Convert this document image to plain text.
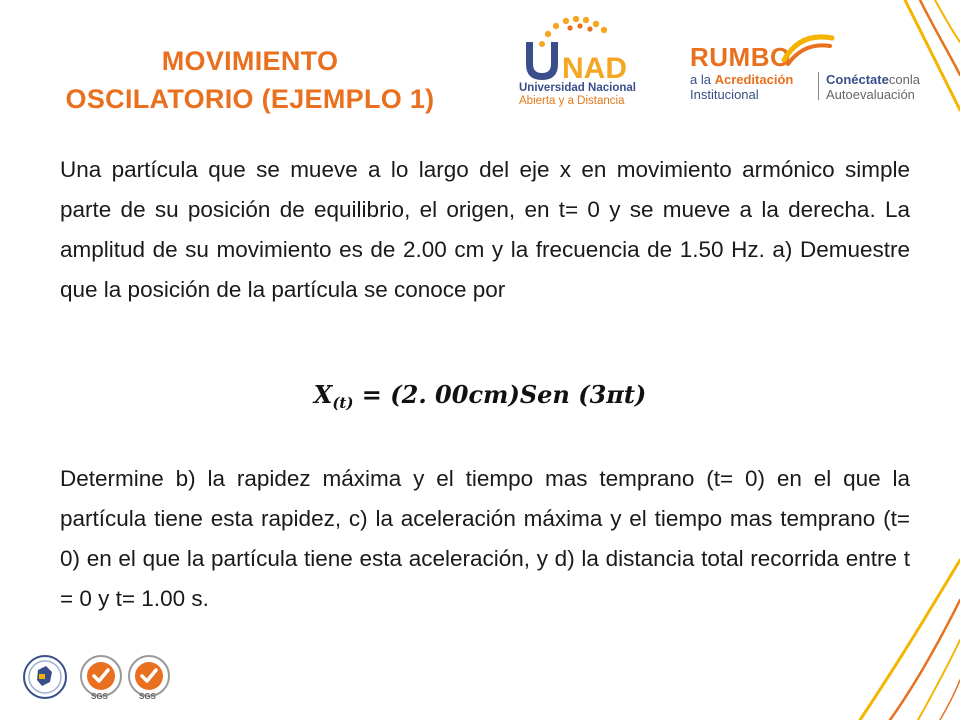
MOVIMIENTO
OSCILATORIO (EJEMPLO 1)
NAD
Universidad Nacional
Abierta y a Distancia
RUMBO
a la Acreditación
Institucional
Conéctateconla
Autoevaluación
Una partícula que se mueve a lo largo del eje x en movimiento armónico simple parte de su posición de equilibrio, el origen, en t= 0 y se mueve a la derecha. La amplitud de su movimiento es de 2.00 cm y la frecuencia de 1.50 Hz. a) Demuestre que la posición de la partícula se conoce por
$X_{(t)} = (2$. 00cm)Sen (3πt)
Determine b) la rapidez máxima y el tiempo mas temprano (t= 0) en el que la partícula tiene esta rapidez, c) la aceleración máxima y el tiempo mas temprano (t= 0) en el que la partícula tiene esta aceleración, y d) la distancia total recorrida entre t = 0 y t= 1.00 s.
SGS	SGS
